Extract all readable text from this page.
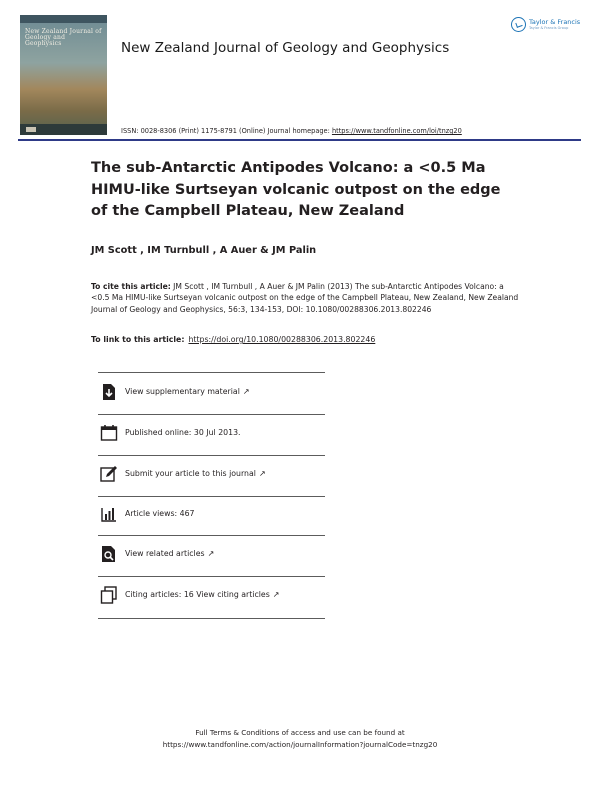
New Zealand Journal of Geology and Geophysics	New Zealand Journal of Geology and Geophysics
Taylor & Francis
Taylor & Francis Group
ISSN: 0028-8306 (Print) 1175-8791 (Online) Journal homepage: https://www.tandfonline.com/loi/tnzg20
The sub-Antarctic Antipodes Volcano: a <0.5 Ma HIMU-like Surtseyan volcanic outpost on the edge of the Campbell Plateau, New Zealand
JM Scott , IM Turnbull , A Auer & JM Palin
To cite this article: JM Scott , IM Turnbull , A Auer & JM Palin (2013) The sub-Antarctic Antipodes Volcano: a <0.5 Ma HIMU-like Surtseyan volcanic outpost on the edge of the Campbell Plateau, New Zealand, New Zealand Journal of Geology and Geophysics, 56:3, 134-153, DOI: 10.1080/00288306.2013.802246
To link to this article: https://doi.org/10.1080/00288306.2013.802246
View supplementary material ↗
Published online: 30 Jul 2013.
Submit your article to this journal ↗
Article views: 467
View related articles ↗
Citing articles: 16 View citing articles ↗
Full Terms & Conditions of access and use can be found at
https://www.tandfonline.com/action/journalInformation?journalCode=tnzg20
